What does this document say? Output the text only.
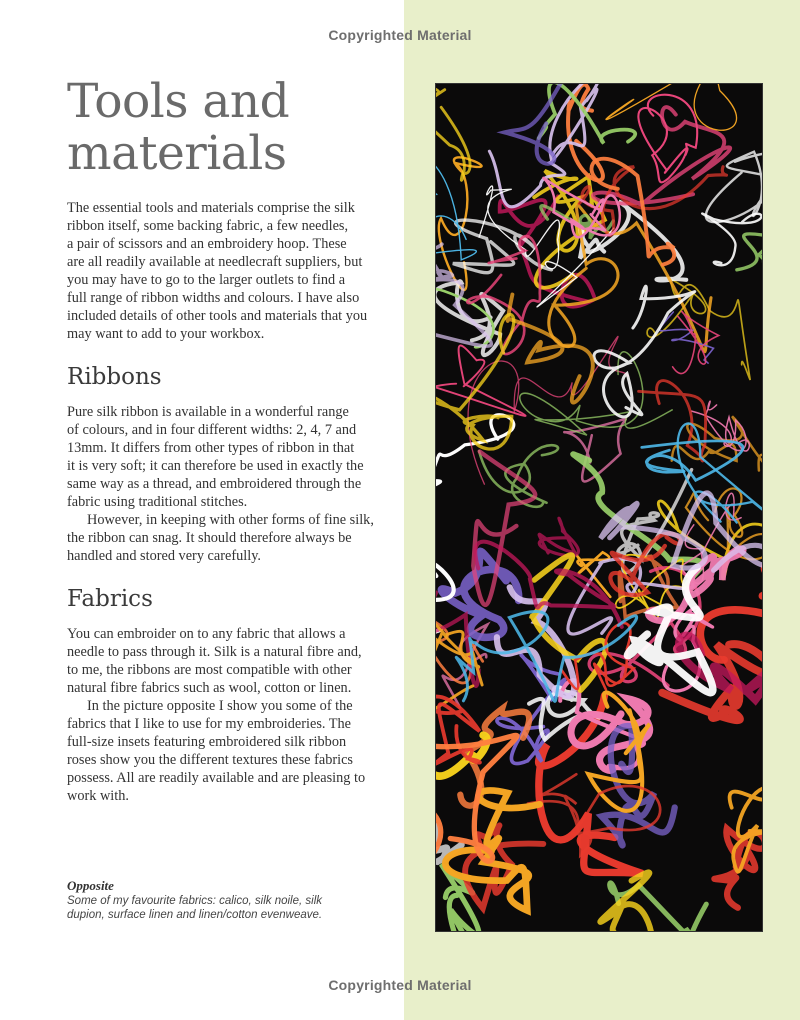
Copyrighted Material
Tools and
materials

The essential tools and materials comprise the silk
ribbon itself, some backing fabric, a few needles,
a pair of scissors and an embroidery hoop. These
are all readily available at needlecraft suppliers, but
you may have to go to the larger outlets to find a
full range of ribbon widths and colours. I have also
included details of other tools and materials that you
may want to add to your workbox.

Ribbons

Pure silk ribbon is available in a wonderful range
of colours, and in four different widths: 2, 4, 7 and
13mm. It differs from other types of ribbon in that
it is very soft; it can therefore be used in exactly the
same way as a thread, and embroidered through the
fabric using traditional stitches.
However, in keeping with other forms of fine silk,
the ribbon can snag. It should therefore always be
handled and stored very carefully.

Fabrics

You can embroider on to any fabric that allows a
needle to pass through it. Silk is a natural fibre and,
to me, the ribbons are most compatible with other
natural fibre fabrics such as wool, cotton or linen.
In the picture opposite I show you some of the
fabrics that I like to use for my embroideries. The
full-size insets featuring embroidered silk ribbon
roses show you the different textures these fabrics
possess. All are readily available and are pleasing to
work with.

Opposite
Some of my favourite fabrics: calico, silk noile, silk
dupion, surface linen and linen/cotton evenweave.
Copyrighted Material
